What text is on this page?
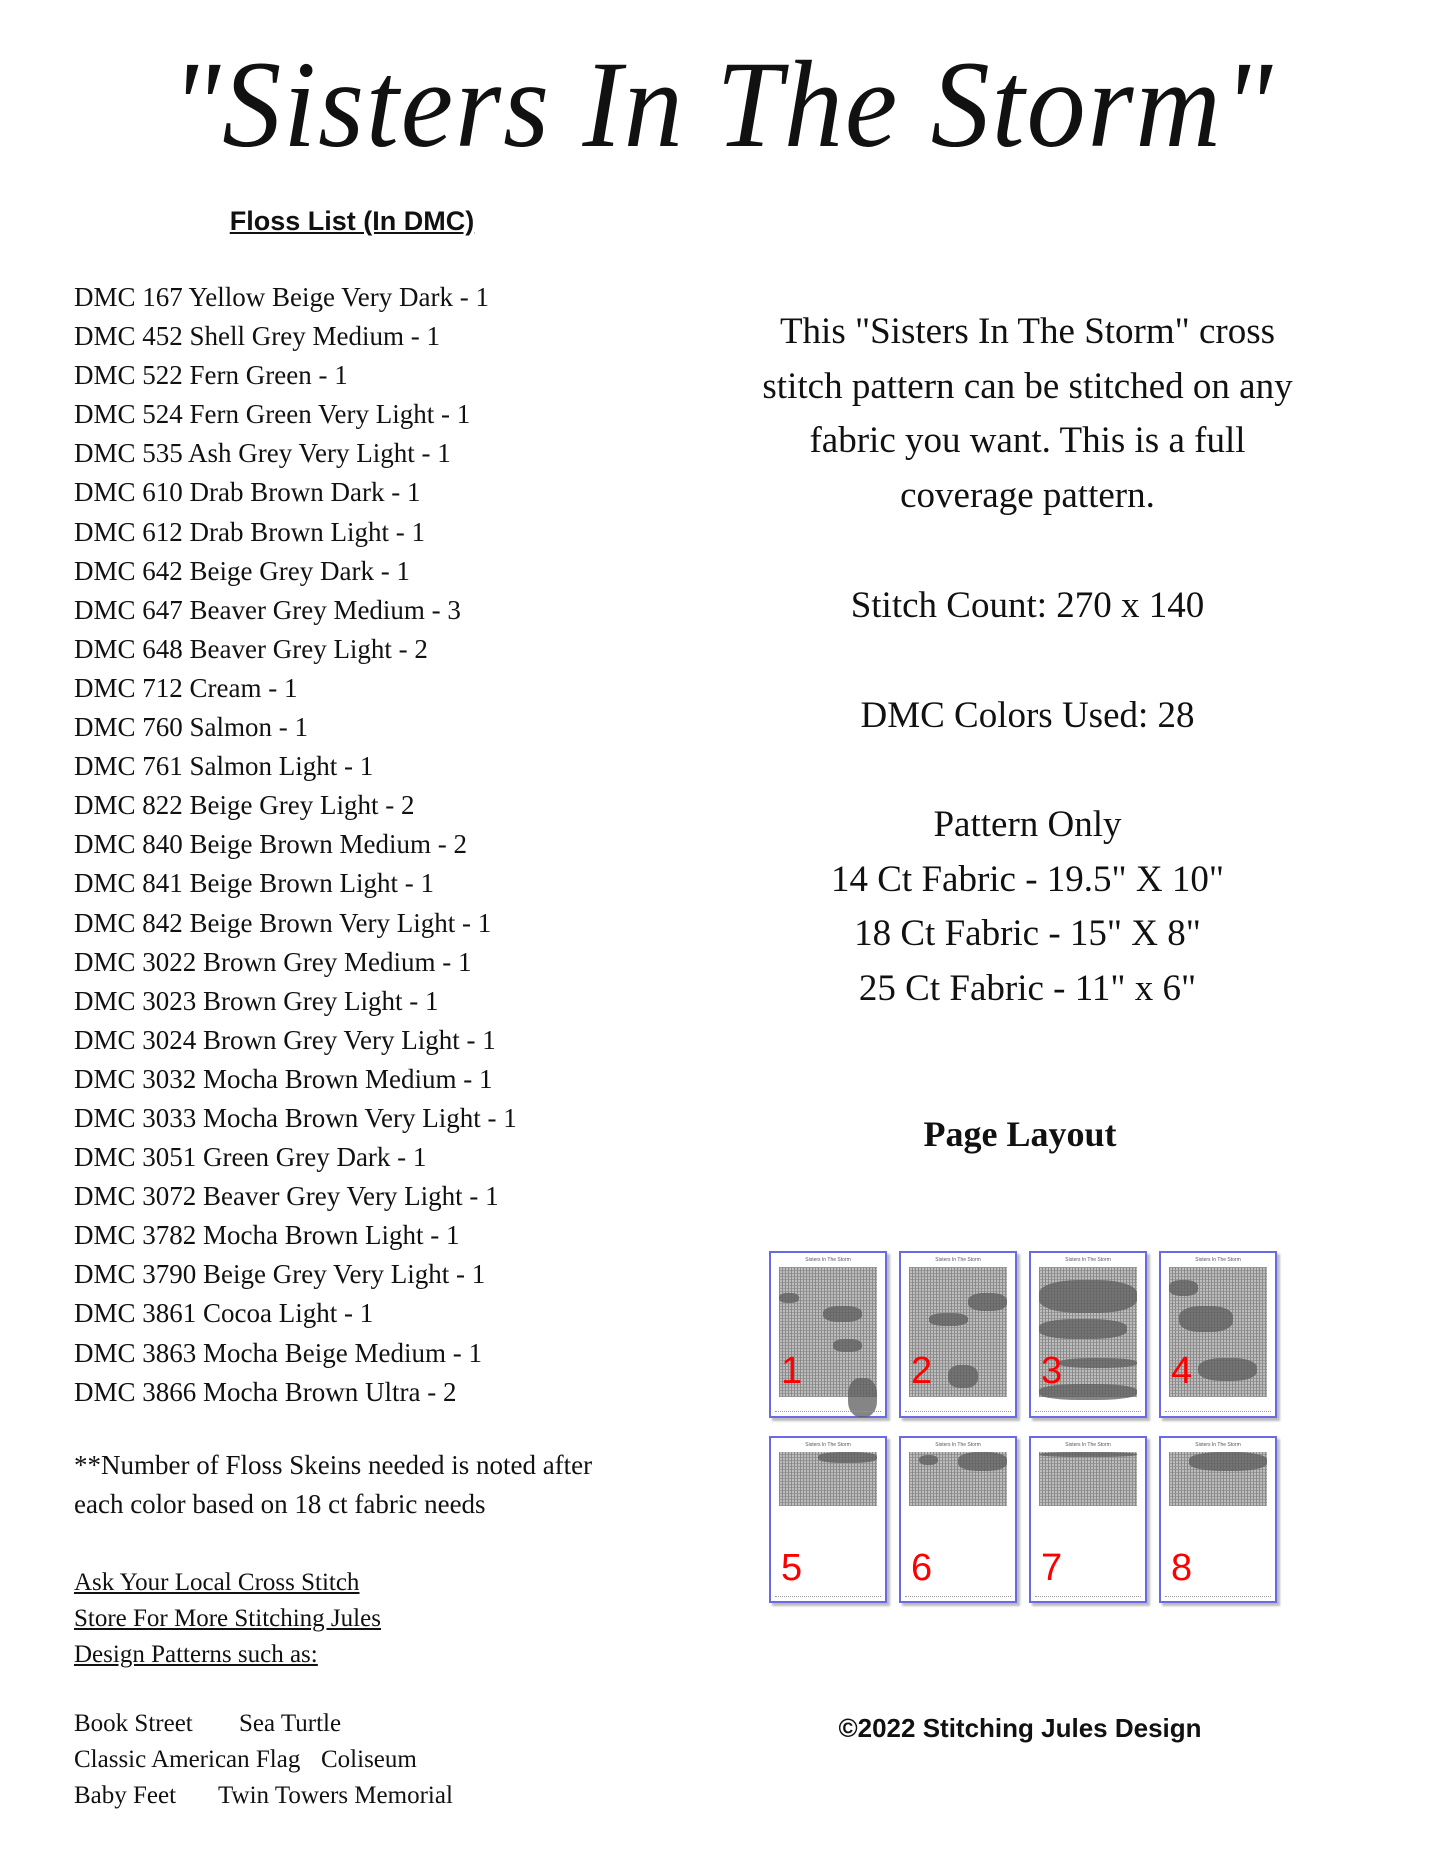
"Sisters In The Storm"
Floss List (In DMC)
DMC 167 Yellow Beige Very Dark - 1
DMC 452 Shell Grey Medium - 1
DMC 522 Fern Green - 1
DMC 524 Fern Green Very Light - 1
DMC 535 Ash Grey Very Light - 1
DMC 610 Drab Brown Dark - 1
DMC 612 Drab Brown Light - 1
DMC 642 Beige Grey Dark - 1
DMC 647 Beaver Grey Medium - 3
DMC 648 Beaver Grey Light - 2
DMC 712 Cream - 1
DMC 760 Salmon - 1
DMC 761 Salmon Light - 1
DMC 822 Beige Grey Light - 2
DMC 840 Beige Brown Medium - 2
DMC 841 Beige Brown Light - 1
DMC 842 Beige Brown Very Light - 1
DMC 3022 Brown Grey Medium - 1
DMC 3023 Brown Grey Light - 1
DMC 3024 Brown Grey Very Light - 1
DMC 3032 Mocha Brown Medium - 1
DMC 3033 Mocha Brown Very Light - 1
DMC 3051 Green Grey Dark - 1
DMC 3072 Beaver Grey Very Light - 1
DMC 3782 Mocha Brown Light - 1
DMC 3790 Beige Grey Very Light - 1
DMC 3861 Cocoa Light - 1
DMC 3863 Mocha Beige Medium - 1
DMC 3866 Mocha Brown Ultra - 2
**Number of Floss Skeins needed is noted after
each color based on 18 ct fabric needs
Ask Your Local Cross Stitch
Store For More Stitching Jules
Design Patterns such as:
Book Street Sea Turtle
Classic American Flag Coliseum
Baby Feet Twin Towers Memorial
This "Sisters In The Storm" cross
stitch pattern can be stitched on any
fabric you want. This is a full
coverage pattern.
Stitch Count: 270 x 140
DMC Colors Used: 28
Pattern Only
14 Ct Fabric - 19.5" X 10"
18 Ct Fabric - 15" X 8"
25 Ct Fabric - 11" x 6"
Page Layout
Sisters In The Storm
1
Sisters In The Storm
2
Sisters In The Storm
3
Sisters In The Storm
4
Sisters In The Storm
5
Sisters In The Storm
6
Sisters In The Storm
7
Sisters In The Storm
8
©2022 Stitching Jules Design
